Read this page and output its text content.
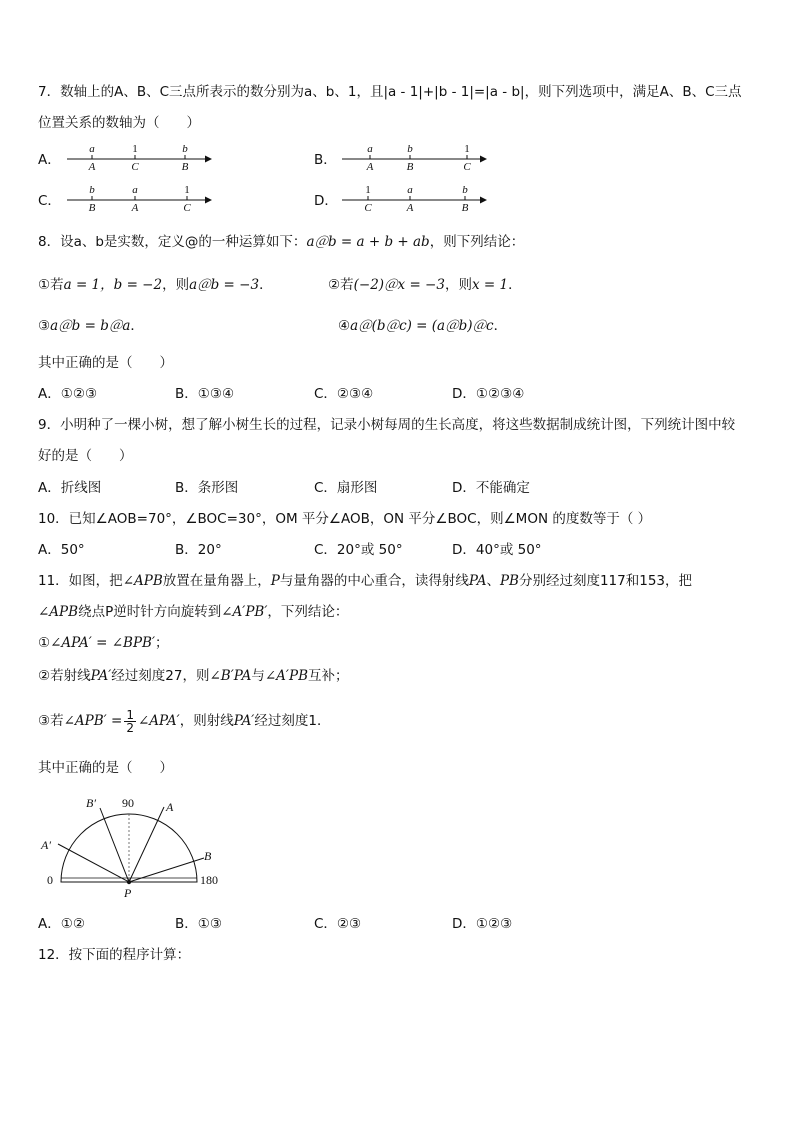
7．数轴上的A、B、C三点所表示的数分别为a、b、1，且|a - 1|+|b - 1|=|a - b|，则下列选项中，满足A、B、C三点
位置关系的数轴为（　　）
A．
a	1	b
A	C	B	B．
a	b	1
A	B	C
C．
b	a	1
B	A	C	D．
1	a	b
C	A	B
8．设a、b是实数，定义@的一种运算如下：a＠b = a + b + ab，则下列结论：
①若a = 1，b = −2，则a＠b = −3．	②若(−2)＠x = −3，则x = 1．
③a＠b = b＠a．	④a＠(b＠c) = (a＠b)＠c．
其中正确的是（　　）
A．①②③	B．①③④	C．②③④	D．①②③④
9．小明种了一棵小树，想了解小树生长的过程，记录小树每周的生长高度，将这些数据制成统计图，下列统计图中较
好的是（　　）
A．折线图	B．条形图	C．扇形图	D．不能确定
10．已知∠AOB=70°，∠BOC=30°，OM 平分∠AOB，ON 平分∠BOC，则∠MON 的度数等于（ ）
A．50°	B．20°	C．20°或 50°	D．40°或 50°
11．如图，把∠APB放置在量角器上，P与量角器的中心重合，读得射线PA、PB分别经过刻度117和153，把
∠APB绕点P逆时针方向旋转到∠A′PB′，下列结论：
①∠APA′ = ∠BPB′；
②若射线PA′经过刻度27，则∠B′PA与∠A′PB互补；
③若∠APB′ = $\frac{1}{2}$ ∠APA′，则射线PA′经过刻度1．
其中正确的是（　　）
0	180
90	A
B
A′
B′
P
A．①②	B．①③	C．②③	D．①②③
12．按下面的程序计算：
